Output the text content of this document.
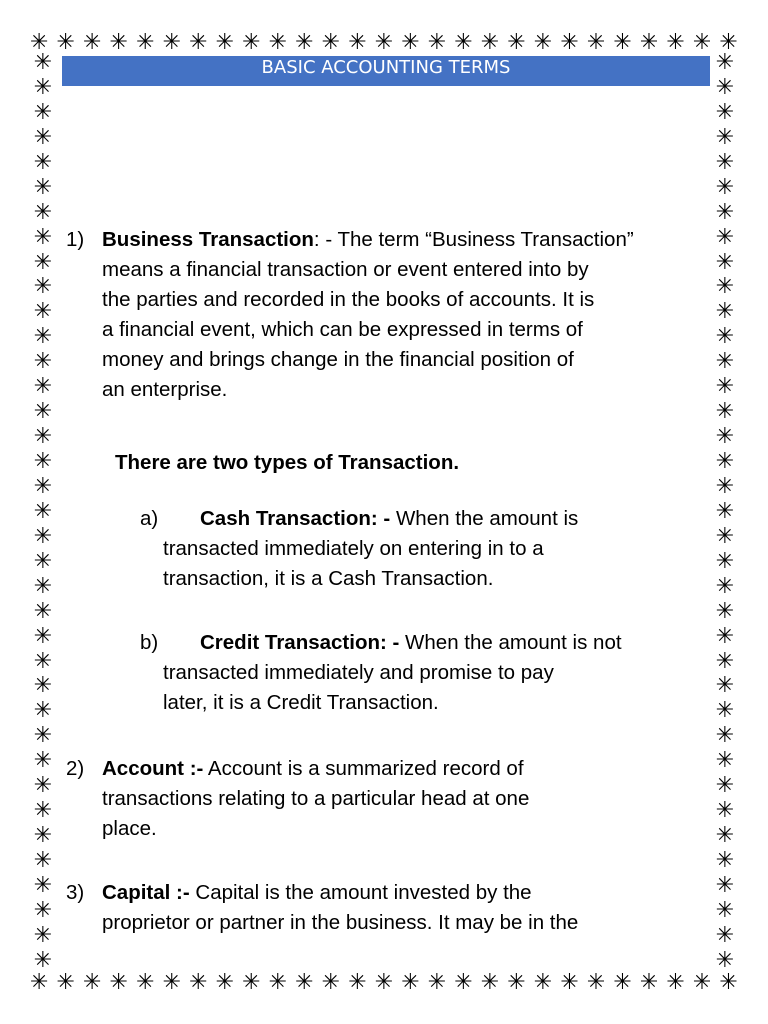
✳ ✳ ✳ ✳ ✳ ✳ ✳ ✳ ✳ ✳ ✳ ✳ ✳ ✳ ✳ ✳ ✳ ✳ ✳ ✳ ✳ ✳ ✳ ✳ ✳ ✳ ✳
✳ ✳ ✳ ✳ ✳ ✳ ✳ ✳ ✳ ✳ ✳ ✳ ✳ ✳ ✳ ✳ ✳ ✳ ✳ ✳ ✳ ✳ ✳ ✳ ✳ ✳ ✳
✳
✳
✳
✳
✳
✳
✳
✳
✳
✳
✳
✳
✳
✳
✳
✳
✳
✳
✳
✳
✳
✳
✳
✳
✳
✳
✳
✳
✳
✳
✳
✳
✳
✳
✳
✳
✳
✳
✳
✳
✳
✳
✳
✳
✳
✳
✳
✳
✳
✳
✳
✳
✳
✳
✳
✳
✳
✳
✳
✳
✳
✳
✳
✳
✳
✳
✳
✳
✳
✳
✳
✳
✳
✳
BASIC ACCOUNTING TERMS
1) Business Transaction: - The term “Business Transaction”
means a financial transaction or event entered into by
the parties and recorded in the books of accounts. It is
a financial event, which can be expressed in terms of
money and brings change in the financial position of
an enterprise.
There are two types of Transaction.
a) Cash Transaction: - When the amount is
transacted immediately on entering in to a
transaction, it is a Cash Transaction.
b) Credit Transaction: - When the amount is not
transacted immediately and promise to pay
later, it is a Credit Transaction.
2) Account :- Account is a summarized record of
transactions relating to a particular head at one
place.
3) Capital :- Capital is the amount invested by the
proprietor or partner in the business. It may be in the
